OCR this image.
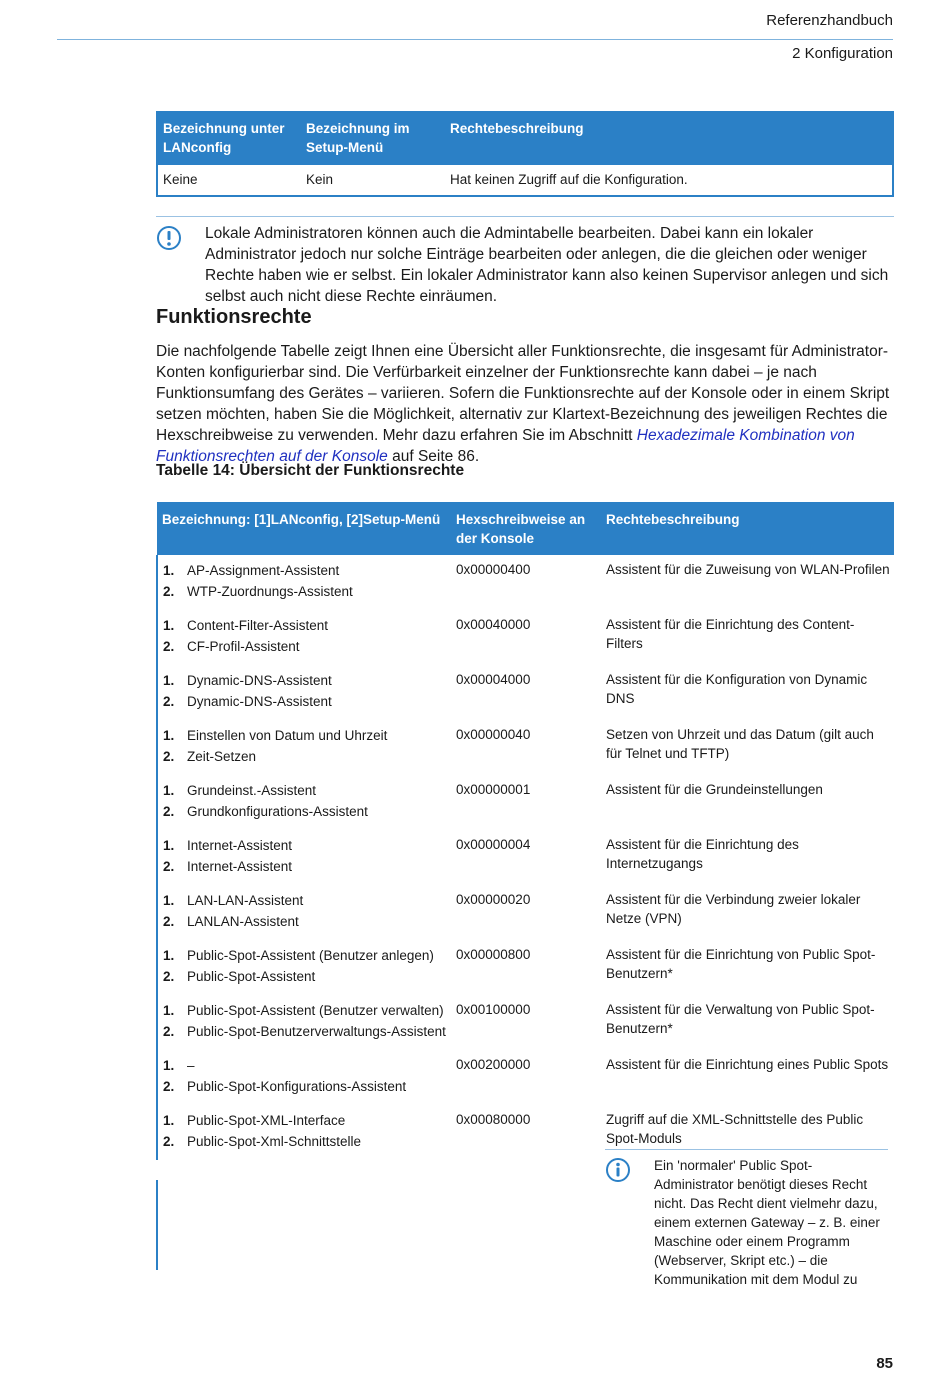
Referenzhandbuch
2 Konfiguration
Bezeichnung unter LANconfig	Bezeichnung im Setup-Menü	Rechtebeschreibung
Keine	Kein	Hat keinen Zugriff auf die Konfiguration.
Lokale Administratoren können auch die Admintabelle bearbeiten. Dabei kann ein lokaler Administrator jedoch nur solche Einträge bearbeiten oder anlegen, die die gleichen oder weniger Rechte haben wie er selbst. Ein lokaler Administrator kann also keinen Supervisor anlegen und sich selbst auch nicht diese Rechte einräumen.
Funktionsrechte

Die nachfolgende Tabelle zeigt Ihnen eine Übersicht aller Funktionsrechte, die insgesamt für Administrator-Konten konfigurierbar sind. Die Verfürbarkeit einzelner der Funktionsrechte kann dabei – je nach Funktionsumfang des Gerätes – variieren. Sofern die Funktionsrechte auf der Konsole oder in einem Skript setzen möchten, haben Sie die Möglichkeit, alternativ zur Klartext-Bezeichnung des jeweiligen Rechtes die Hexschreibweise zu verwenden. Mehr dazu erfahren Sie im Abschnitt Hexadezimale Kombination von Funktionsrechten auf der Konsole auf Seite 86.

Tabelle 14: Übersicht der Funktionsrechte
Bezeichnung: [1]LANconfig, [2]Setup-Menü	Hexschreibweise an der Konsole	Rechtebeschreibung

1. AP-Assignment-Assistent
2. WTP-Zuordnungs-Assistent	0x00000400	Assistent für die Zuweisung von WLAN-Profilen

1. Content-Filter-Assistent
2. CF-Profil-Assistent	0x00040000	Assistent für die Einrichtung des Content-Filters

1. Dynamic-DNS-Assistent
2. Dynamic-DNS-Assistent	0x00004000	Assistent für die Konfiguration von Dynamic DNS

1. Einstellen von Datum und Uhrzeit
2. Zeit-Setzen	0x00000040	Setzen von Uhrzeit und das Datum (gilt auch für Telnet und TFTP)

1. Grundeinst.-Assistent
2. Grundkonfigurations-Assistent	0x00000001	Assistent für die Grundeinstellungen

1. Internet-Assistent
2. Internet-Assistent	0x00000004	Assistent für die Einrichtung des Internetzugangs

1. LAN-LAN-Assistent
2. LANLAN-Assistent	0x00000020	Assistent für die Verbindung zweier lokaler Netze (VPN)

1. Public-Spot-Assistent (Benutzer anlegen)
2. Public-Spot-Assistent	0x00000800	Assistent für die Einrichtung von Public Spot-Benutzern*

1. Public-Spot-Assistent (Benutzer verwalten)
2. Public-Spot-Benutzerverwaltungs-Assistent	0x00100000	Assistent für die Verwaltung von Public Spot-Benutzern*

1. –
2. Public-Spot-Konfigurations-Assistent	0x00200000	Assistent für die Einrichtung eines Public Spots

1. Public-Spot-XML-Interface
2. Public-Spot-Xml-Schnittstelle	0x00080000	Zugriff auf die XML-Schnittstelle des Public Spot-Moduls
Ein 'normaler' Public Spot-Administrator benötigt dieses Recht nicht. Das Recht dient vielmehr dazu, einem externen Gateway – z. B. einer Maschine oder einem Programm (Webserver, Skript etc.) – die Kommunikation mit dem Modul zu
85
